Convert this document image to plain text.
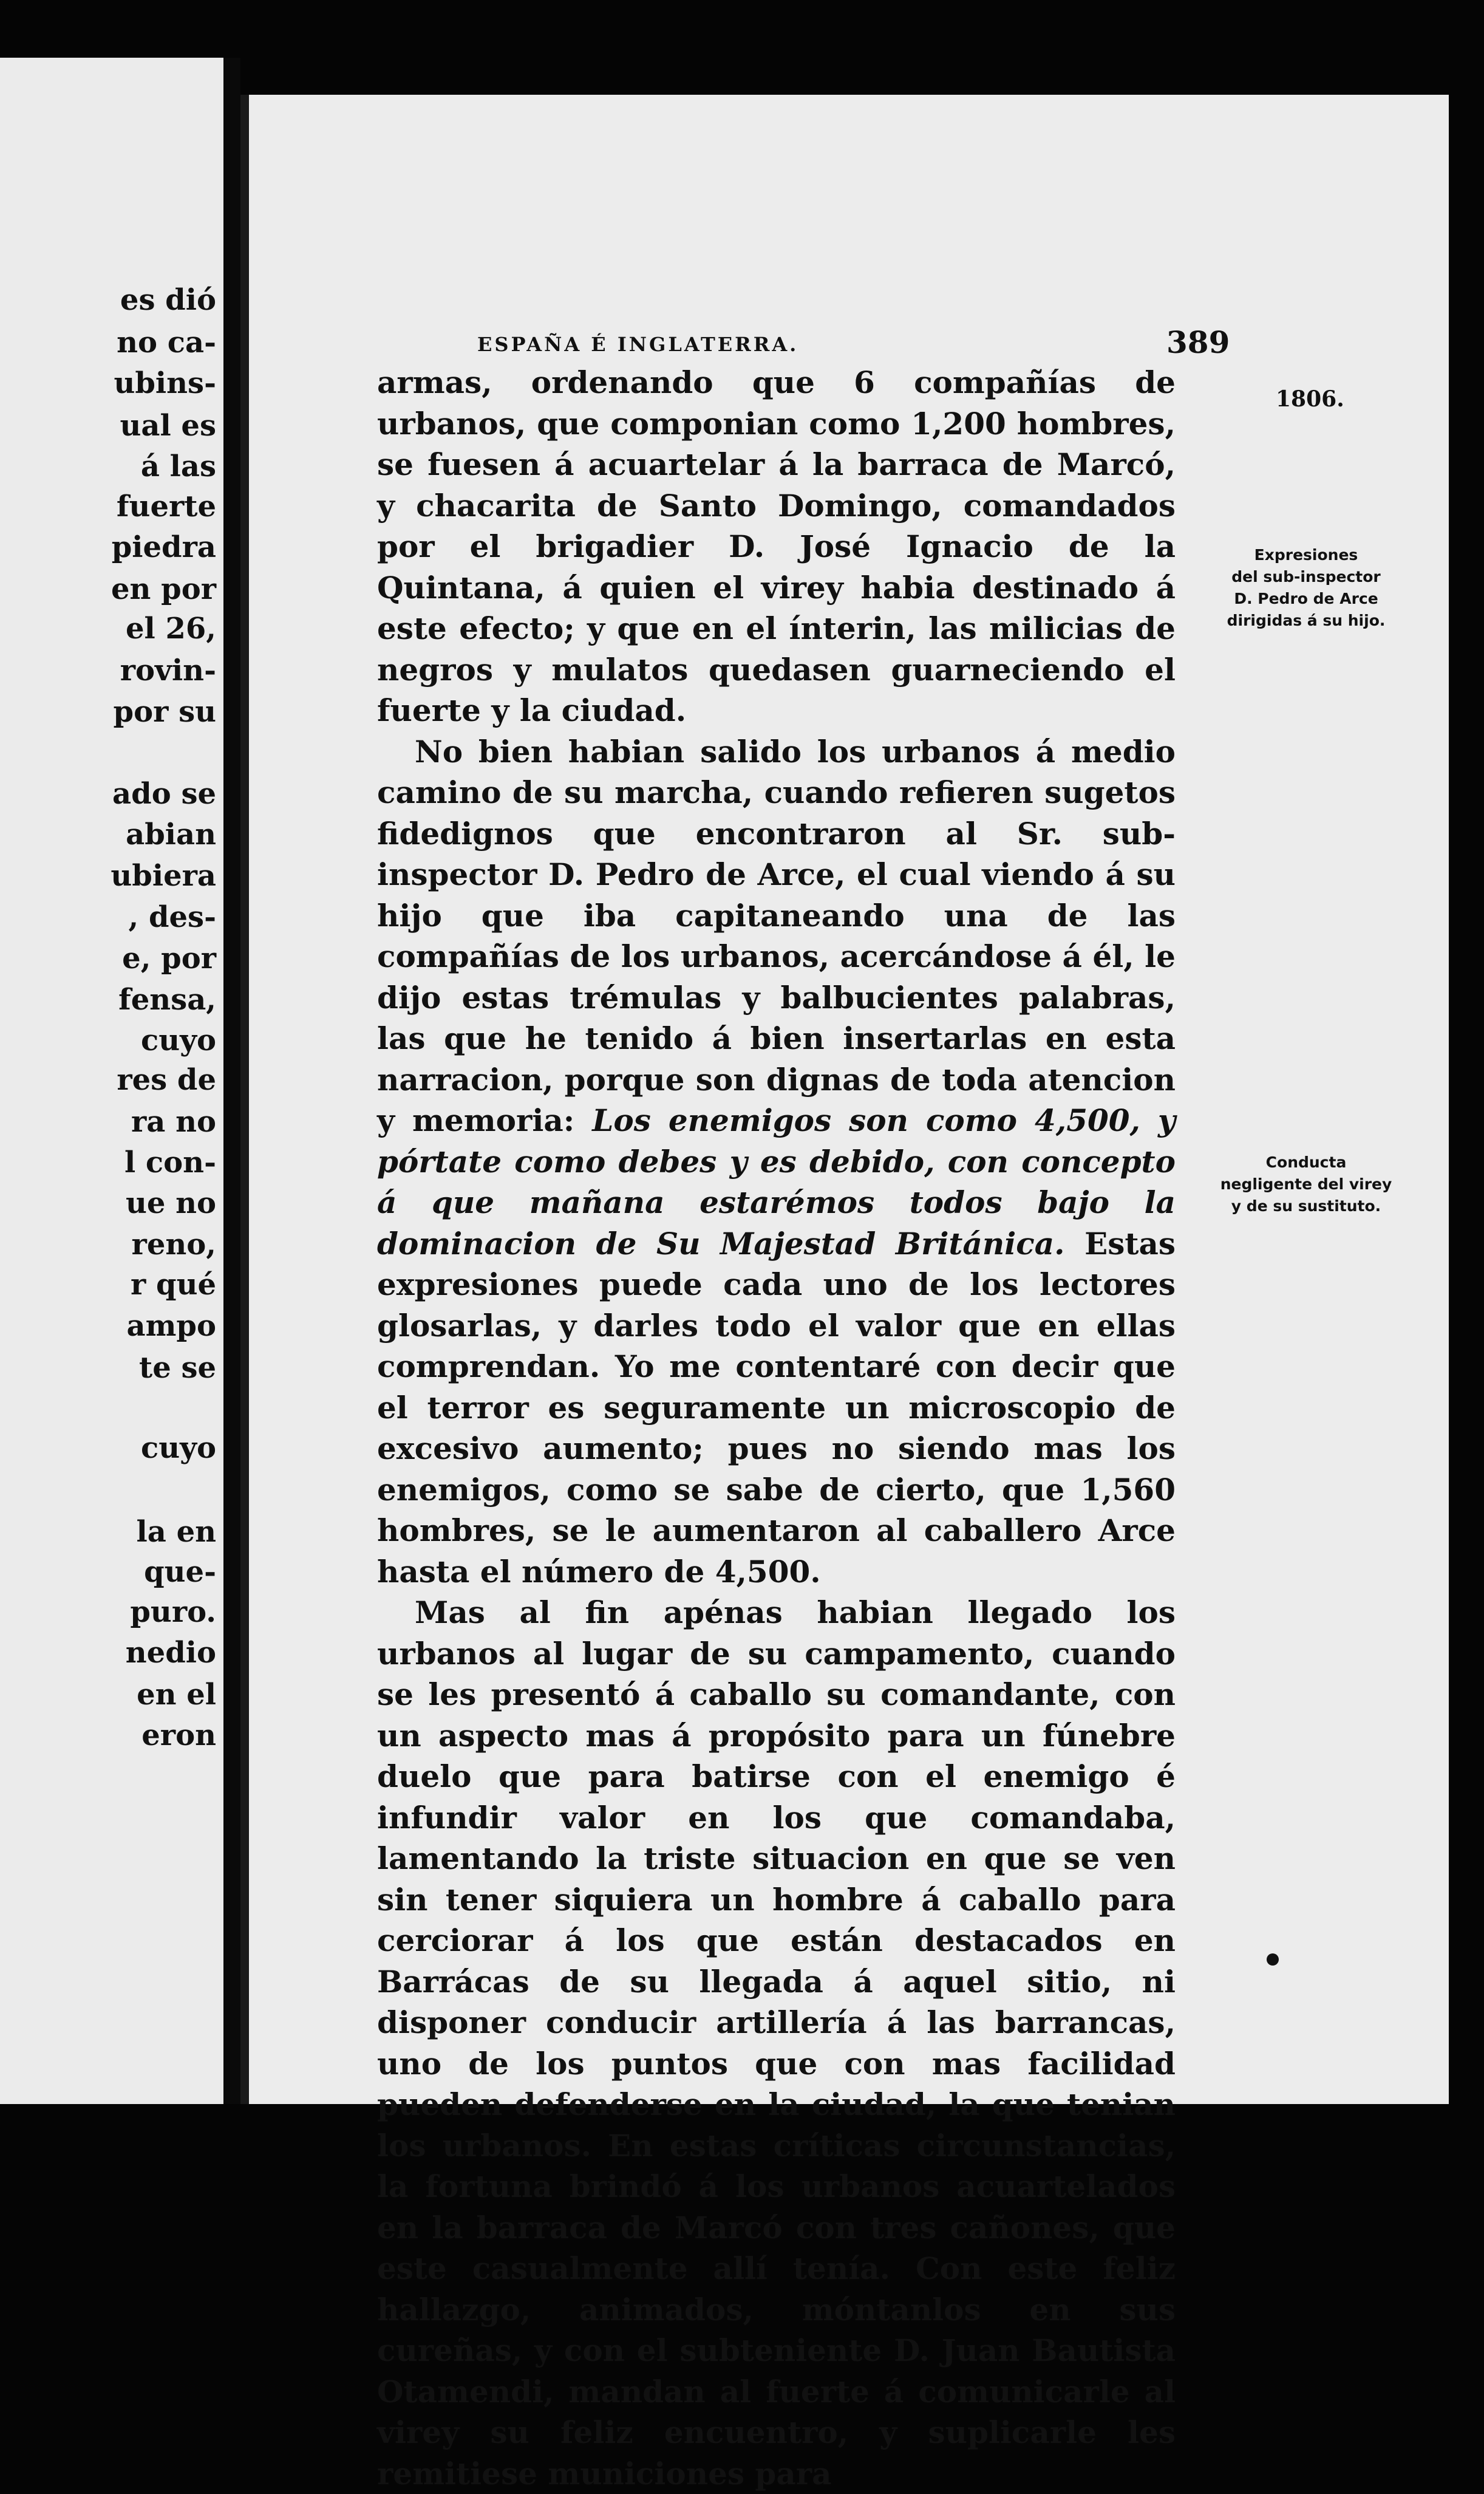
es dió
no ca-
ubins-
ual es
á las
fuerte
piedra
en por
el 26,
rovin-
por su
ado se
abian
ubiera
, des-
e, por
fensa,
cuyo
res de
ra no
l con-
ue no
reno,
r qué
ampo
te se
cuyo
la en
que-
puro.
nedio
en el
eron
ESPAÑA É INGLATERRA.	389
1806.
Expresiones
del sub-inspector
D. Pedro de Arce
dirigidas á su hijo.
Conducta
negligente del virey
y de su sustituto.

armas, ordenando que 6 compañías de urbanos, que componian como 1,200 hombres, se fuesen á acuartelar á la barraca de Marcó, y chacarita de Santo Domingo, comandados por el brigadier D. José Ignacio de la Quintana, á quien el virey habia destinado á este efecto; y que en el ínterin, las milicias de negros y mulatos quedasen guarneciendo el fuerte y la ciudad.

No bien habian salido los urbanos á medio camino de su marcha, cuando refieren sugetos fidedignos que encontraron al Sr. sub-inspector D. Pedro de Arce, el cual viendo á su hijo que iba capitaneando una de las compañías de los urbanos, acercándose á él, le dijo estas trémulas y balbucientes palabras, las que he tenido á bien insertarlas en esta narracion, porque son dignas de toda atencion y memoria: Los enemigos son como 4,500, y pórtate como debes y es debido, con concepto á que mañana estarémos todos bajo la dominacion de Su Majestad Británica. Estas expresiones puede cada uno de los lectores glosarlas, y darles todo el valor que en ellas comprendan. Yo me contentaré con decir que el terror es seguramente un microscopio de excesivo aumento; pues no siendo mas los enemigos, como se sabe de cierto, que 1,560 hombres, se le aumentaron al caballero Arce hasta el número de 4,500.

Mas al fin apénas habian llegado los urbanos al lugar de su campamento, cuando se les presentó á caballo su comandante, con un aspecto mas á propósito para un fúnebre duelo que para batirse con el enemigo é infundir valor en los que comandaba, lamentando la triste situacion en que se ven sin tener siquiera un hombre á caballo para cerciorar á los que están destacados en Barrácas de su llegada á aquel sitio, ni disponer conducir artillería á las barrancas, uno de los puntos que con mas facilidad pueden defenderse en la ciudad, la que tenian los urbanos. En estas críticas circunstancias, la fortuna brindó á los urbanos acuartelados en la barraca de Marcó con tres cañones, que este casualmente allí tenía. Con este feliz hallazgo, animados, móntanlos en sus cureñas, y con el subteniente D. Juan Bautista Otamendi, mandan al fuerte á comunicarle al virey su feliz encuentro, y suplicarle les remitiese municiones para
